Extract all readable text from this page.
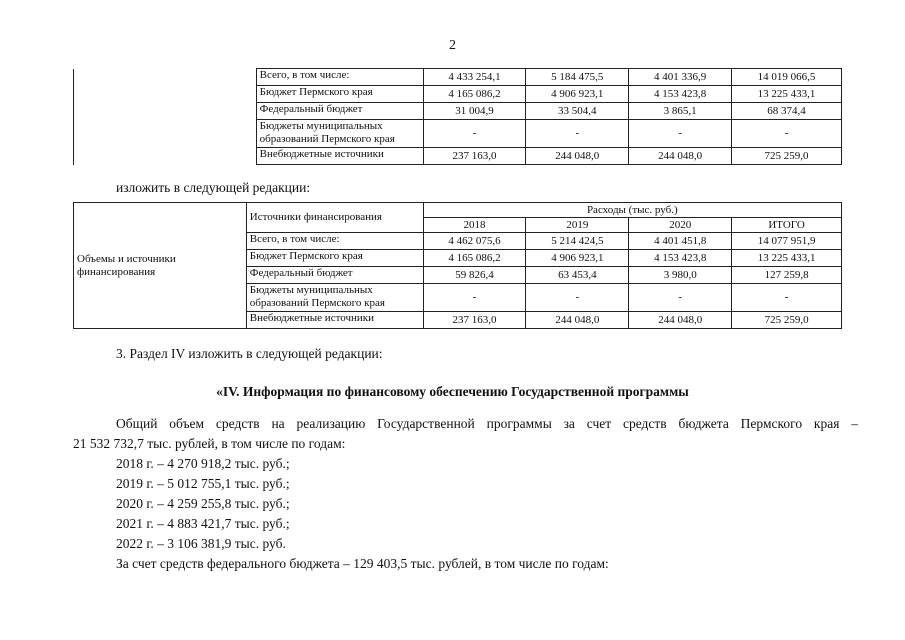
2
	Всего, в том числе:	4 433 254,1	5 184 475,5	4 401 336,9	14 019 066,5
	Бюджет Пермского края	4 165 086,2	4 906 923,1	4 153 423,8	13 225 433,1
	Федеральный бюджет	31 004,9	33 504,4	3 865,1	68 374,4
	Бюджеты муниципальных образований Пермского края	-	-	-	-
	Внебюджетные источники	237 163,0	244 048,0	244 048,0	725 259,0
изложить в следующей редакции:
Объемы и источники финансирования	Источники финансирования	Расходы (тыс. руб.)			
		2018	2019	2020	ИТОГО
	Всего, в том числе:	4 462 075,6	5 214 424,5	4 401 451,8	14 077 951,9
	Бюджет Пермского края	4 165 086,2	4 906 923,1	4 153 423,8	13 225 433,1
	Федеральный бюджет	59 826,4	63 453,4	3 980,0	127 259,8
	Бюджеты муниципальных образований Пермского края	-	-	-	-
	Внебюджетные источники	237 163,0	244 048,0	244 048,0	725 259,0
3. Раздел IV изложить в следующей редакции:
«IV. Информация по финансовому обеспечению Государственной программы
Общий объем средств на реализацию Государственной программы за счет средств бюджета Пермского края –
21 532 732,7 тыс. рублей, в том числе по годам:
2018 г. – 4 270 918,2 тыс. руб.;
2019 г. – 5 012 755,1 тыс. руб.;
2020 г. – 4 259 255,8 тыс. руб.;
2021 г. – 4 883 421,7 тыс. руб.;
2022 г. – 3 106 381,9 тыс. руб.
За счет средств федерального бюджета – 129 403,5 тыс. рублей, в том числе по годам:
